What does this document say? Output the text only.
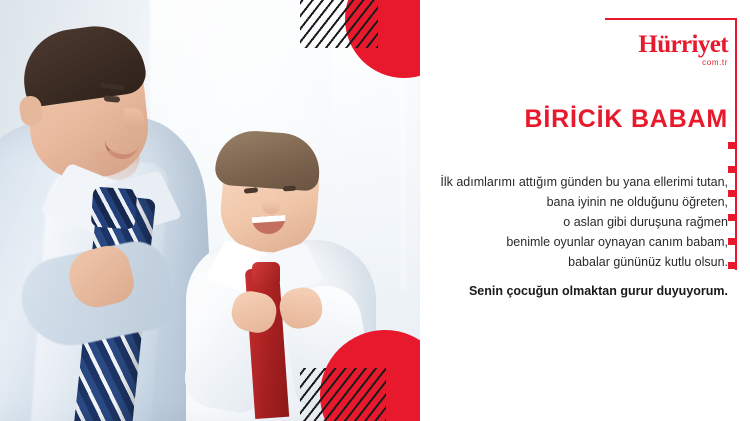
Hürriyet
com.tr
BİRİCİK BABAM
İlk adımlarımı attığım günden bu yana ellerimi tutan,
bana iyinin ne olduğunu öğreten,
o aslan gibi duruşuna rağmen
benimle oyunlar oynayan canım babam,
babalar gününüz kutlu olsun.
Senin çocuğun olmaktan gurur duyuyorum.
